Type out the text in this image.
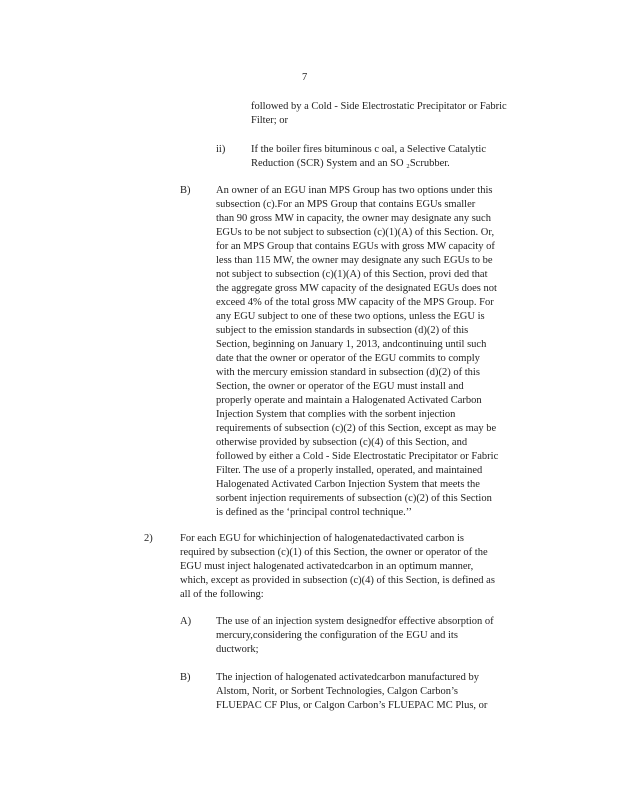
7
followed by a Cold - Side Electrostatic Precipitator or Fabric
Filter; or
ii) If the boiler fires bituminous c oal, a Selective Catalytic
Reduction (SCR) System and an SO ₂Scrubber.
B) An owner of an EGU inan MPS Group has two options under this
subsection (c).For an MPS Group that contains EGUs smaller
than 90 gross MW in capacity, the owner may designate any such
EGUs to be not subject to subsection (c)(1)(A) of this Section. Or,
for an MPS Group that contains EGUs with gross MW capacity of
less than 115 MW, the owner may designate any such EGUs to be
not subject to subsection (c)(1)(A) of this Section, provi ded that
the aggregate gross MW capacity of the designated EGUs does not
exceed 4% of the total gross MW capacity of the MPS Group. For
any EGU subject to one of these two options, unless the EGU is
subject to the emission standards in subsection (d)(2) of this
Section, beginning on January 1, 2013, andcontinuing until such
date that the owner or operator of the EGU commits to comply
with the mercury emission standard in subsection (d)(2) of this
Section, the owner or operator of the EGU must install and
properly operate and maintain a Halogenated Activated Carbon
Injection System that complies with the sorbent injection
requirements of subsection (c)(2) of this Section, except as may be
otherwise provided by subsection (c)(4) of this Section, and
followed by either a Cold - Side Electrostatic Precipitator or Fabric
Filter. The use of a properly installed, operated, and maintained
Halogenated Activated Carbon Injection System that meets the
sorbent injection requirements of subsection (c)(2) of this Section
is defined as the ‘principal control technique.’’
2)	For each EGU for whichinjection of halogenatedactivated carbon is
required by subsection (c)(1) of this Section, the owner or operator of the
EGU must inject halogenated activatedcarbon in an optimum manner,
which, except as provided in subsection (c)(4) of this Section, is defined as
all of the following:
A) The use of an injection system designedfor effective absorption of
mercury,considering the configuration of the EGU and its
ductwork;
B) The injection of halogenated activatedcarbon manufactured by
Alstom, Norit, or Sorbent Technologies, Calgon Carbon’s
FLUEPAC CF Plus, or Calgon Carbon’s FLUEPAC MC Plus, or
